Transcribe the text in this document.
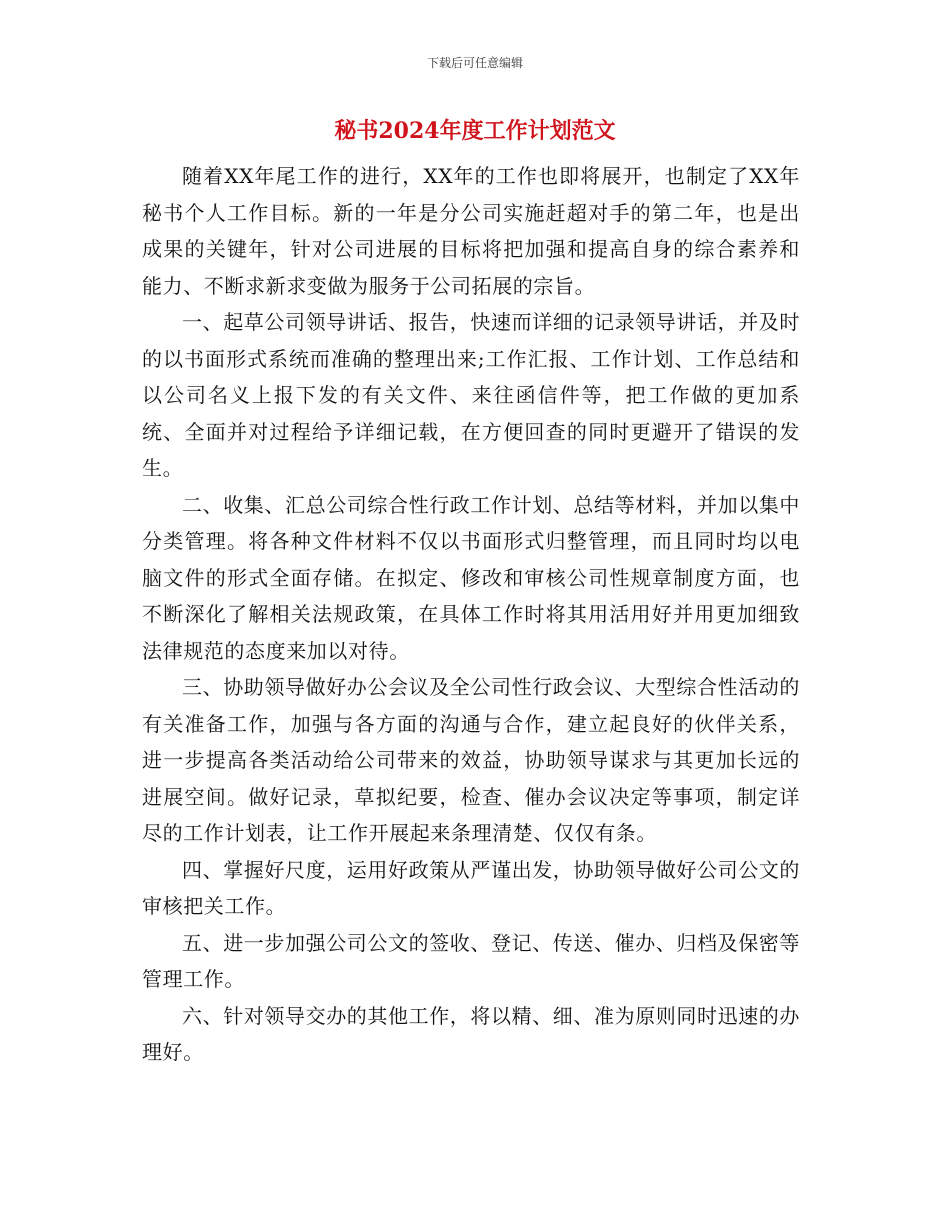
下载后可任意编辑
秘书2024年度工作计划范文

随着XX年尾工作的进行，XX年的工作也即将展开，也制定了XX年秘书个人工作目标。新的一年是分公司实施赶超对手的第二年，也是出成果的关键年，针对公司进展的目标将把加强和提高自身的综合素养和能力、不断求新求变做为服务于公司拓展的宗旨。

一、起草公司领导讲话、报告，快速而详细的记录领导讲话，并及时的以书面形式系统而准确的整理出来;工作汇报、工作计划、工作总结和以公司名义上报下发的有关文件、来往函信件等，把工作做的更加系统、全面并对过程给予详细记载，在方便回查的同时更避开了错误的发生。

二、收集、汇总公司综合性行政工作计划、总结等材料，并加以集中分类管理。将各种文件材料不仅以书面形式归整管理，而且同时均以电脑文件的形式全面存储。在拟定、修改和审核公司性规章制度方面，也不断深化了解相关法规政策，在具体工作时将其用活用好并用更加细致法律规范的态度来加以对待。

三、协助领导做好办公会议及全公司性行政会议、大型综合性活动的有关准备工作，加强与各方面的沟通与合作，建立起良好的伙伴关系，进一步提高各类活动给公司带来的效益，协助领导谋求与其更加长远的进展空间。做好记录，草拟纪要，检查、催办会议决定等事项，制定详尽的工作计划表，让工作开展起来条理清楚、仅仅有条。

四、掌握好尺度，运用好政策从严谨出发，协助领导做好公司公文的审核把关工作。

五、进一步加强公司公文的签收、登记、传送、催办、归档及保密等管理工作。

六、针对领导交办的其他工作，将以精、细、准为原则同时迅速的办理好。
